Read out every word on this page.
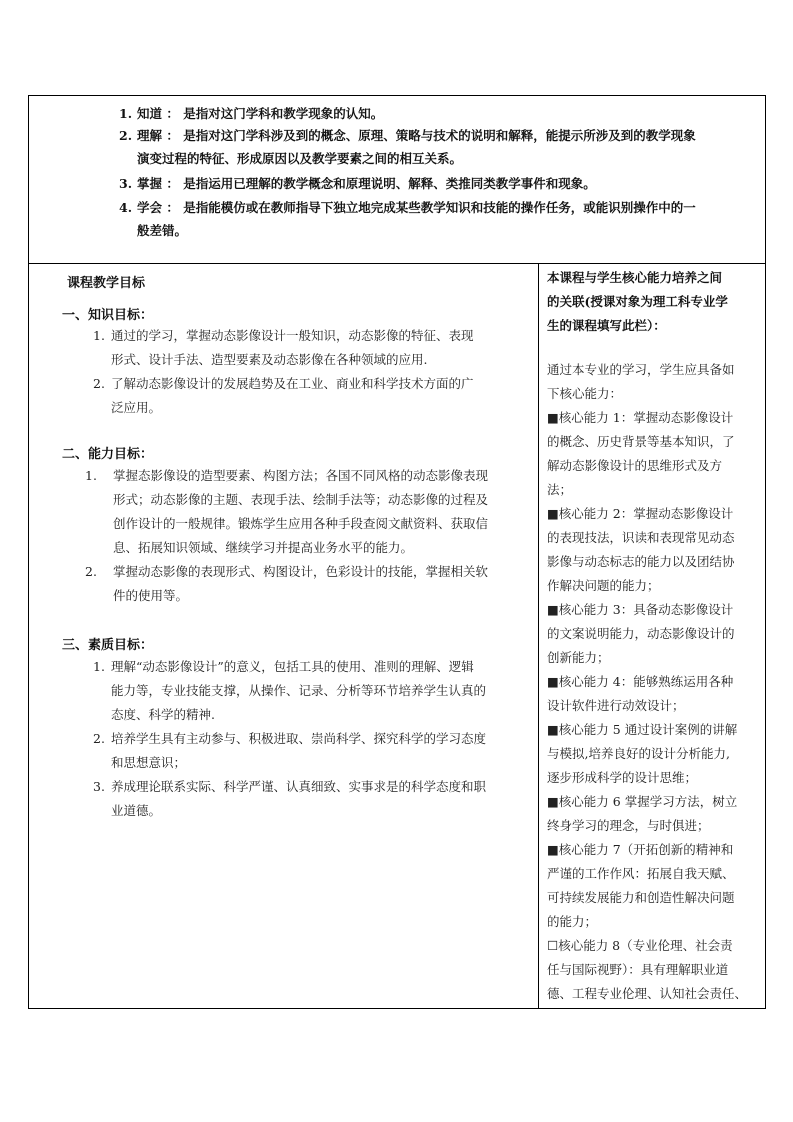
1. 知道 ： 是指对这门学科和教学现象的认知。
2. 理解 ： 是指对这门学科涉及到的概念、原理、策略与技术的说明和解释，能提示所涉及到的教学现象
演变过程的特征、形成原因以及教学要素之间的相互关系。
3. 掌握 ： 是指运用已理解的教学概念和原理说明、解释、类推同类教学事件和现象。
4. 学会 ： 是指能模仿或在教师指导下独立地完成某些教学知识和技能的操作任务，或能识别操作中的一
般差错。
课程教学目标
一、知识目标：
1. 通过的学习，掌握动态影像设计一般知识，动态影像的特征、表现
形式、设计手法、造型要素及动态影像在各种领域的应用.
2. 了解动态影像设计的发展趋势及在工业、商业和科学技术方面的广
泛应用。
二、能力目标：
1. 掌握态影像设的造型要素、构图方法；各国不同风格的动态影像表现
形式；动态影像的主题、表现手法、绘制手法等；动态影像的过程及
创作设计的一般规律。锻炼学生应用各种手段查阅文献资料、获取信
息、拓展知识领域、继续学习并提高业务水平的能力。
2. 掌握动态影像的表现形式、构图设计，色彩设计的技能，掌握相关软
件的使用等。
三、素质目标：
1. 理解“动态影像设计”的意义，包括工具的使用、准则的理解、逻辑
能力等，专业技能支撑，从操作、记录、分析等环节培养学生认真的
态度、科学的精神.
2. 培养学生具有主动参与、积极进取、崇尚科学、探究科学的学习态度
和思想意识；
3. 养成理论联系实际、科学严谨、认真细致、实事求是的科学态度和职
业道德。
本课程与学生核心能力培养之间
的关联(授课对象为理工科专业学
生的课程填写此栏）：
通过本专业的学习，学生应具备如
下核心能力：
■核心能力 1：掌握动态影像设计
的概念、历史背景等基本知识，了
解动态影像设计的思维形式及方
法；
■核心能力 2：掌握动态影像设计
的表现技法，识读和表现常见动态
影像与动态标志的能力以及团结协
作解决问题的能力；
■核心能力 3：具备动态影像设计
的文案说明能力，动态影像设计的
创新能力；
■核心能力 4：能够熟练运用各种
设计软件进行动效设计；
■核心能力 5 通过设计案例的讲解
与模拟,培养良好的设计分析能力,
逐步形成科学的设计思维；
■核心能力 6 掌握学习方法，树立
终身学习的理念，与时俱进；
■核心能力 7（开拓创新的精神和
严谨的工作作风：拓展自我天赋、
可持续发展能力和创造性解决问题
的能力；
☐核心能力 8（专业伦理、社会责
任与国际视野）：具有理解职业道
德、工程专业伦理、认知社会责任、
